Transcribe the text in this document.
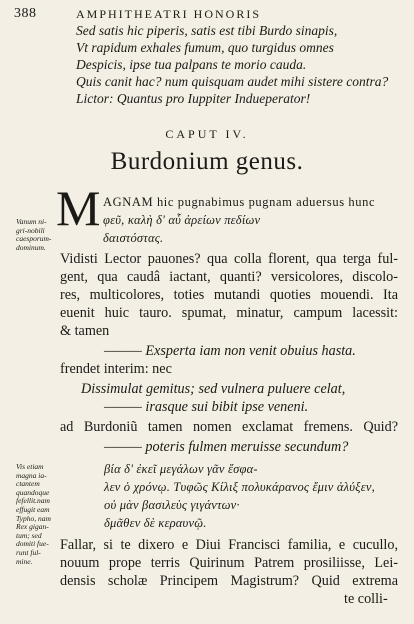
388	AMPHITHEATRI HONORIS
Sed satis hic piperis, satis est tibi Burdo sinapis,
Vt rapidum exhales fumum, quo turgidus omnes
Despicis, ipse tua palpans te morio cauda.
Quis canit hac? num quisquam audet mihi sistere contra?
Lictor: Quantus pro Iuppiter Indueperator!
CAPUT IV.
Burdonium genus.
Vanum ni-
gri-nobili
caesporum-
dominum.
M AGNAM hic pugnabimus pugnam aduersus hunc
φεῦ, καλὴ δ' αὖ ἀρείων πεδίων
δαιστόστας.
Vidisti Lector pauones? qua colla florent, qua terga ful-
gent, qua caudâ iactant, quanti? versicolores, discolo-
res, multicolores, toties mutandi quoties mouendi. Ita
euenit huic tauro. spumat, minatur, campum lacessit:
& tamen
——— Exsperta iam non venit obuius hasta.
frendet interim: nec
Dissimulat gemitus; sed vulnera puluere celat,
——— irasque sui bibit ipse veneni.
ad Burdoniũ tamen nomen exclamat fremens. Quid?
——— poteris fulmen meruisse secundum?
Vis etiam
magna ia-
ctantem
quandoque
fefellit.nam
effugit eam
Typho, nam
Rex gigan-
tum; sed
domiti fue-
runt ful-
mine.
βία δ' ἐκεῖ μεγάλων γᾶν ἔσφα-
λεν ὁ χρόνῳ. Τυφῶς Κίλιξ πολυκάρανος ἔμιν ἀλύξεν,
οὐ μὰν βασιλεὺς γιγάντων·
δμᾶθεν δὲ κεραυνῷ.
Fallar, si te dixero e Diui Francisci familia, e cucullo,
nouum prope terris Quirinum Patrem prosiliisse, Lei-
densis scholæ Principem Magistrum? Quid extrema
te colli-
